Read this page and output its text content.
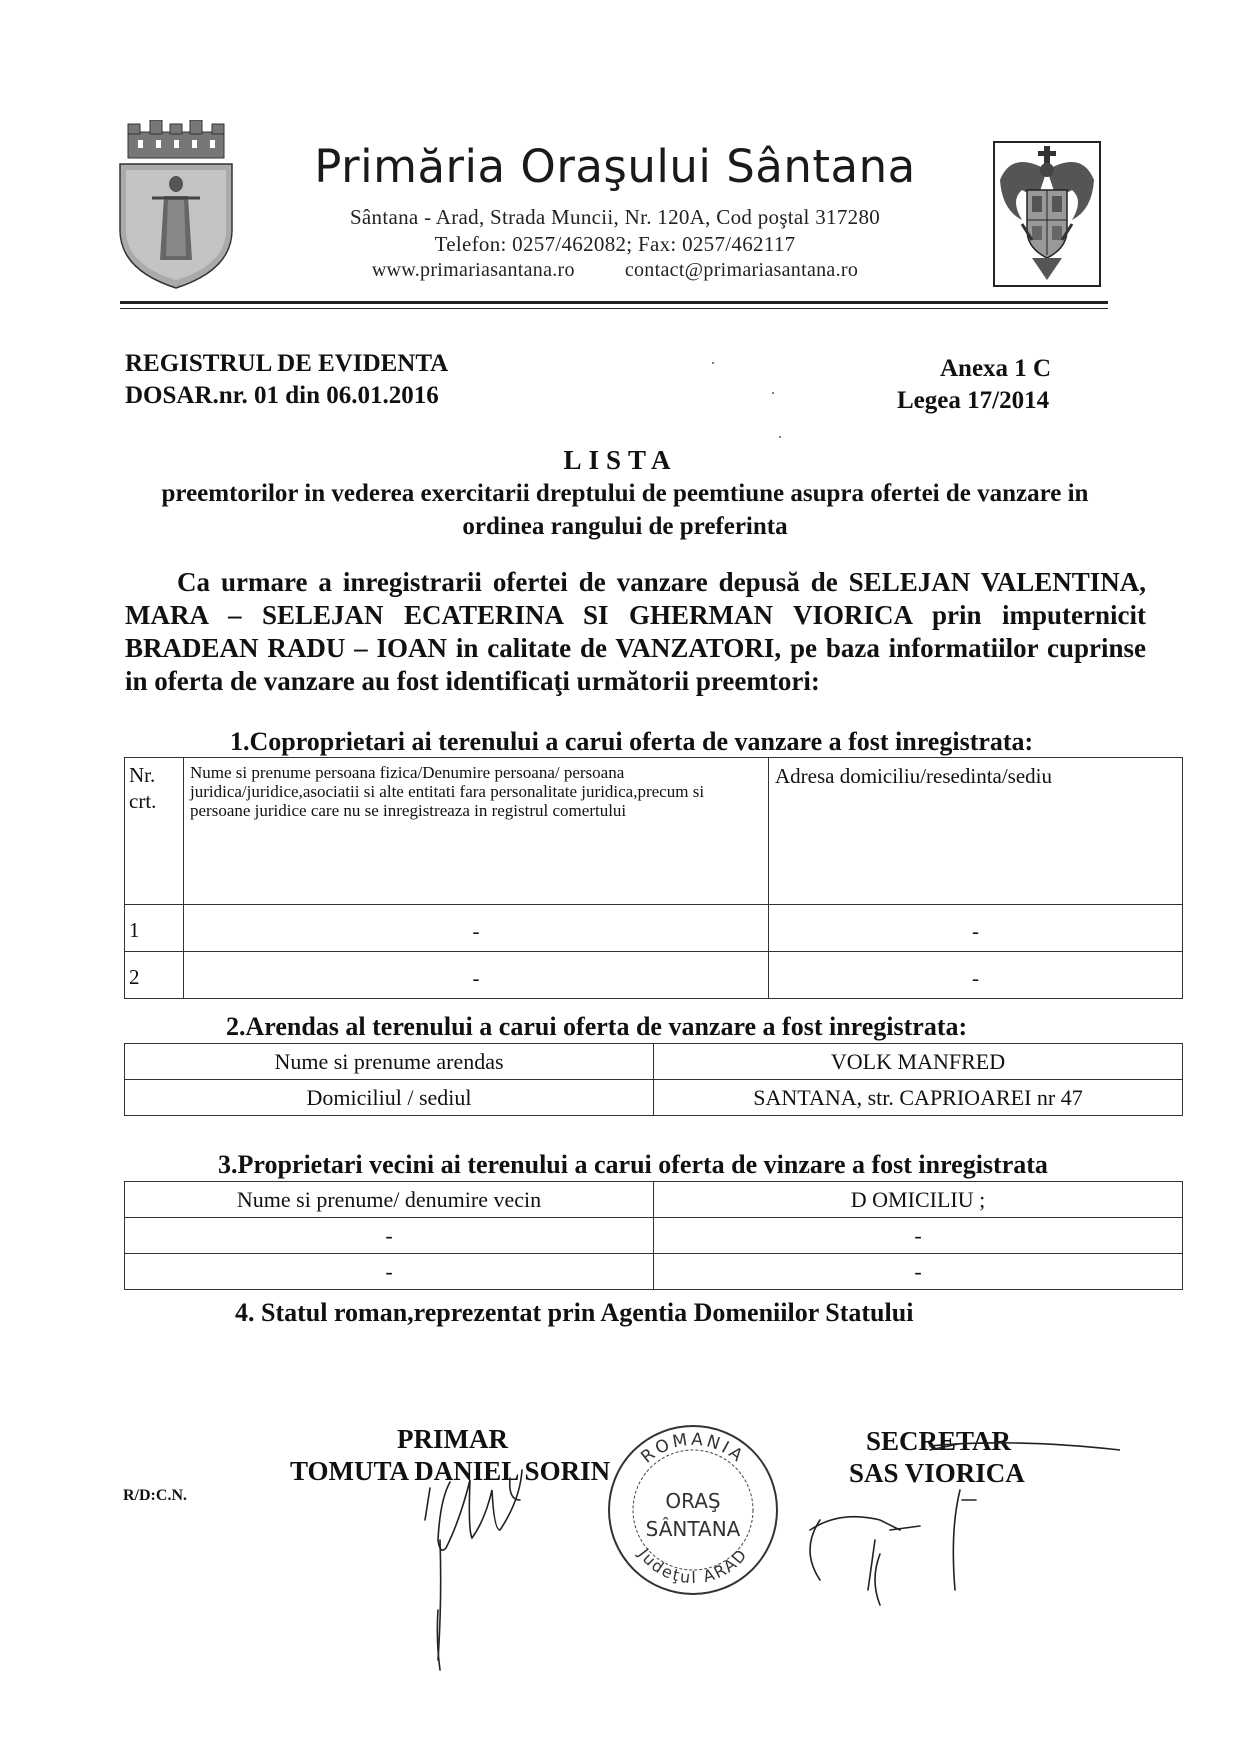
Primăria Oraşului Sântana
Sântana - Arad, Strada Muncii, Nr. 120A, Cod poştal 317280
Telefon: 0257/462082; Fax: 0257/462117
www.primariasantana.ro	contact@primariasantana.ro
REGISTRUL DE EVIDENTA
DOSAR.nr. 01 din 06.01.2016
Anexa 1 C
Legea 17/2014
LISTA
preemtorilor in vederea exercitarii dreptului de peemtiune asupra ofertei de vanzare in ordinea rangului de preferinta
Ca urmare a inregistrarii ofertei de vanzare depusă de SELEJAN VALENTINA, MARA – SELEJAN ECATERINA SI GHERMAN VIORICA prin imputernicit BRADEAN RADU – IOAN in calitate de VANZATORI, pe baza informatiilor cuprinse in oferta de vanzare au fost identificaţi următorii preemtori:
1.Coproprietari ai terenului a carui oferta de vanzare a fost inregistrata:
Nr. crt.	Nume si prenume persoana fizica/Denumire persoana/ persoana juridica/juridice,asociatii si alte entitati fara personalitate juridica,precum si persoane juridice care nu se inregistreaza in registrul comertului	Adresa domiciliu/resedinta/sediu
1	-	-
2	-	-
2.Arendas al terenului a carui oferta de vanzare a fost inregistrata:
Nume si prenume arendas	VOLK MANFRED
Domiciliul / sediul	SANTANA, str. CAPRIOAREI nr 47
3.Proprietari vecini ai terenului a carui oferta de vinzare a fost inregistrata
Nume si prenume/ denumire vecin	D OMICILIU ;
-	-
-	-
4. Statul roman,reprezentat prin Agentia Domeniilor Statului
PRIMAR
TOMUTA DANIEL SORIN
SECRETAR
SAS VIORICA
R/D:C.N.
ROMANIA
ORAŞ
SÂNTANA
Judeţul ARAD
